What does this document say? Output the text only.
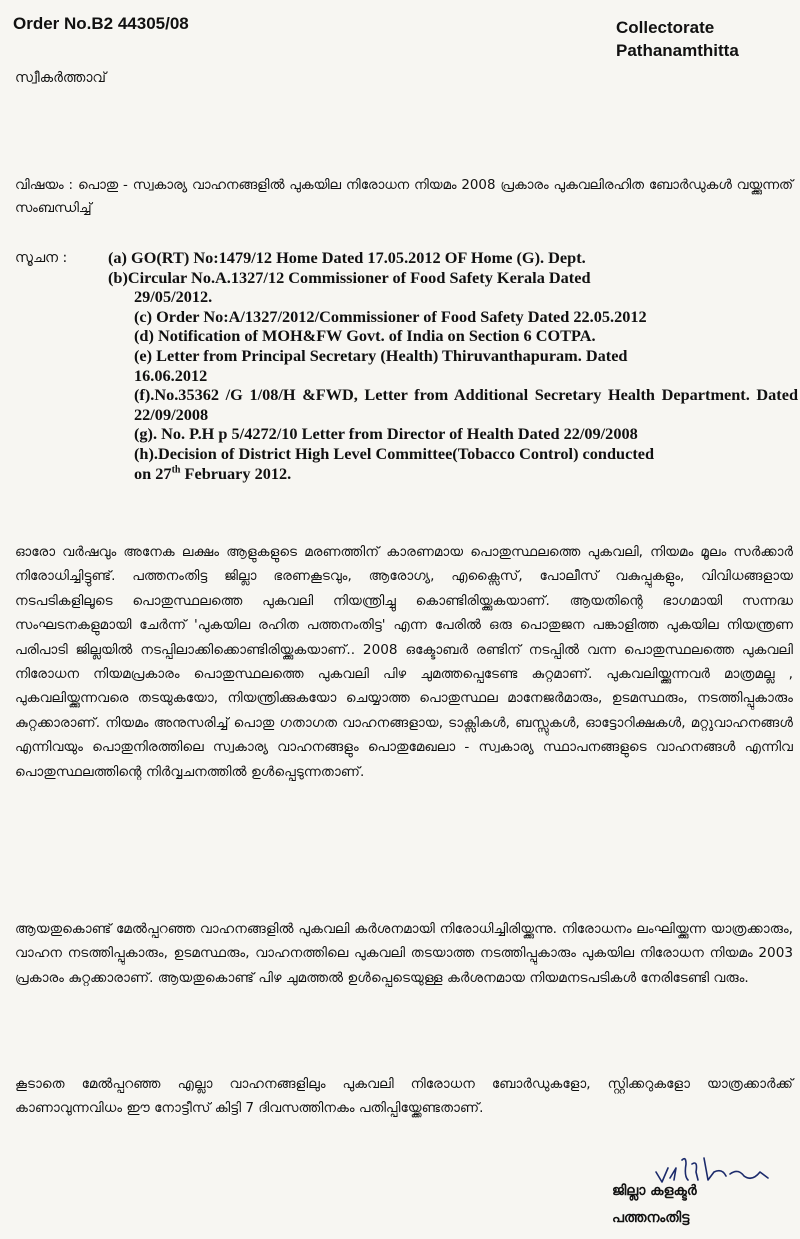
Order No.B2 44305/08	Collectorate
Pathanamthitta
സ്വീകർത്താവ്
വിഷയം : പൊതു - സ്വകാര്യ വാഹനങ്ങളിൽ പുകയില നിരോധന നിയമം 2008 പ്രകാരം പുകവലിരഹിത ബോർഡുകൾ വയ്ക്കുന്നത് സംബന്ധിച്ച്
സൂചന :	(a) GO(RT) No:1479/12 Home Dated 17.05.2012 OF Home (G). Dept.
(b)Circular No.A.1327/12 Commissioner of Food Safety Kerala Dated
29/05/2012.
(c) Order No:A/1327/2012/Commissioner of Food Safety Dated 22.05.2012
(d) Notification of MOH&FW Govt. of India on Section 6 COTPA.
(e) Letter from Principal Secretary (Health) Thiruvanthapuram. Dated
16.06.2012
(f).No.35362 /G 1/08/H &FWD, Letter from Additional Secretary Health Department. Dated 22/09/2008
(g). No. P.H p 5/4272/10 Letter from Director of Health Dated 22/09/2008
(h).Decision of District High Level Committee(Tobacco Control) conducted
on 27th February 2012.
ഓരോ വർഷവും അനേക ലക്ഷം ആളുകളുടെ മരണത്തിന് കാരണമായ പൊതുസ്ഥലത്തെ പുകവലി, നിയമം മൂലം സർക്കാർ നിരോധിച്ചിട്ടുണ്ട്. പത്തനംതിട്ട ജില്ലാ ഭരണകൂടവും, ആരോഗ്യ, എക്സൈസ്, പോലീസ് വകുപ്പുകളും, വിവിധങ്ങളായ നടപടികളിലൂടെ പൊതുസ്ഥലത്തെ പുകവലി നിയന്ത്രിച്ചു കൊണ്ടിരിയ്ക്കുകയാണ്. ആയതിന്റെ ഭാഗമായി സന്നദ്ധ സംഘടനകളുമായി ചേർന്ന് 'പുകയില രഹിത പത്തനംതിട്ട' എന്ന പേരിൽ ഒരു പൊതുജന പങ്കാളിത്ത പുകയില നിയന്ത്രണ പരിപാടി ജില്ലയിൽ നടപ്പിലാക്കിക്കൊണ്ടിരിയ്ക്കുകയാണ്.. 2008 ഒക്ടോബർ രണ്ടിന് നടപ്പിൽ വന്ന പൊതുസ്ഥലത്തെ പുകവലി നിരോധന നിയമപ്രകാരം പൊതുസ്ഥലത്തെ പുകവലി പിഴ ചുമത്തപ്പെടേണ്ട കുറ്റമാണ്. പുകവലിയ്ക്കുന്നവർ മാത്രമല്ല , പുകവലിയ്ക്കുന്നവരെ തടയുകയോ, നിയന്ത്രിക്കുകയോ ചെയ്യാത്ത പൊതുസ്ഥല മാനേജർമാരും, ഉടമസ്ഥരും, നടത്തിപ്പുകാരും കുറ്റക്കാരാണ്. നിയമം അനുസരിച്ച് പൊതു ഗതാഗത വാഹനങ്ങളായ, ടാക്സികൾ, ബസ്സുകൾ, ഓട്ടോറിക്ഷകൾ, മറ്റുവാഹനങ്ങൾ എന്നിവയും പൊതുനിരത്തിലെ സ്വകാര്യ വാഹനങ്ങളും പൊതുമേഖലാ - സ്വകാര്യ സ്ഥാപനങ്ങളുടെ വാഹനങ്ങൾ എന്നിവ പൊതുസ്ഥലത്തിന്റെ നിർവ്വചനത്തിൽ ഉൾപ്പെടുന്നതാണ്.
ആയതുകൊണ്ട് മേൽപ്പറഞ്ഞ വാഹനങ്ങളിൽ പുകവലി കർശനമായി നിരോധിച്ചിരിയ്ക്കുന്നു. നിരോധനം ലംഘിയ്ക്കുന്ന യാത്രക്കാരും, വാഹന നടത്തിപ്പുകാരും, ഉടമസ്ഥരും, വാഹനത്തിലെ പുകവലി തടയാത്ത നടത്തിപ്പുകാരും പുകയില നിരോധന നിയമം 2003 പ്രകാരം കുറ്റക്കാരാണ്. ആയതുകൊണ്ട് പിഴ ചുമത്തൽ ഉൾപ്പെടെയുള്ള കർശനമായ നിയമനടപടികൾ നേരിടേണ്ടി വരും.
കൂടാതെ മേൽപ്പറഞ്ഞ എല്ലാ വാഹനങ്ങളിലും പുകവലി നിരോധന ബോർഡുകളോ, സ്റ്റിക്കറുകളോ യാത്രക്കാർക്ക് കാണാവുന്നവിധം ഈ നോട്ടീസ് കിട്ടി 7 ദിവസത്തിനകം പതിപ്പിയ്ക്കേണ്ടതാണ്.
ജില്ലാ കളക്ടർ
പത്തനംതിട്ട
